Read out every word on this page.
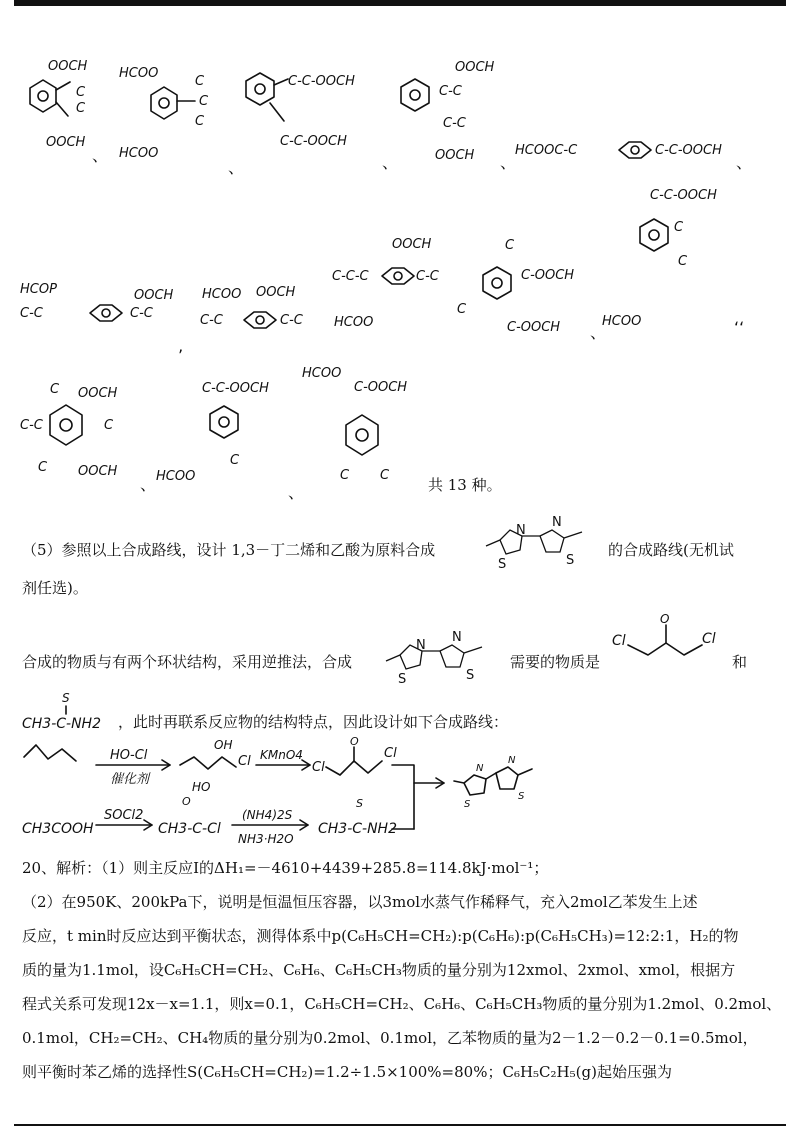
OOCH
C
C
OOCH
、
HCOO
C
C
C
HCOO
、
C-C-OOCH
C-C-OOCH
、
OOCH
C-C
C-C
OOCH 、
HCOOC-C	C-C-OOCH
、
HCOP
C-C
OOCH
C-C
HCOO OOCH
C-C	C-C
OOCH
C-C-C	C-C
HCOO
C
C-OOCH
C
C-OOCH 、
C-C-OOCH
C
C
HCOO	‘‘
’
C OOCH
C-C	C
C OOCH
、
C-C-OOCH
HCOO
C
HCOO
C-OOCH
C C
、	共 13 种。
（5）参照以上合成路线，设计 1,3－丁二烯和乙酸为原料合成
N
S
N
S
的合成路线(无机试
剂任选)。
合成的物质与有两个环状结构，采用逆推法，合成
N
S
N
S
需要的物质是
Cl
O
Cl
和
S
CH3-C-NH2 ，此时再联系反应物的结构特点，因此设计如下合成路线：
HO-Cl
催化剂
OH
HO
Cl KMnO4
Cl
O
Cl
N
S
N
S
CH3COOH
SOCl2
O
CH3-C-Cl
(NH4)2S
NH3·H2O
S
CH3-C-NH2
20、解析：（1）则主反应I的ΔH₁=－4610+4439+285.8=114.8kJ·mol⁻¹；
（2）在950K、200kPa下，说明是恒温恒压容器，以3mol水蒸气作稀释气，充入2mol乙苯发生上述
反应，t min时反应达到平衡状态，测得体系中p(C₆H₅CH=CH₂):p(C₆H₆):p(C₆H₅CH₃)=12:2:1，H₂的物
质的量为1.1mol，设C₆H₅CH=CH₂、C₆H₆、C₆H₅CH₃物质的量分别为12xmol、2xmol、xmol，根据方
程式关系可发现12x－x=1.1，则x=0.1，C₆H₅CH=CH₂、C₆H₆、C₆H₅CH₃物质的量分别为1.2mol、0.2mol、
0.1mol，CH₂=CH₂、CH₄物质的量分别为0.2mol、0.1mol，乙苯物质的量为2－1.2－0.2－0.1=0.5mol，
则平衡时苯乙烯的选择性S(C₆H₅CH=CH₂)=1.2÷1.5×100%=80%；C₆H₅C₂H₅(g)起始压强为
